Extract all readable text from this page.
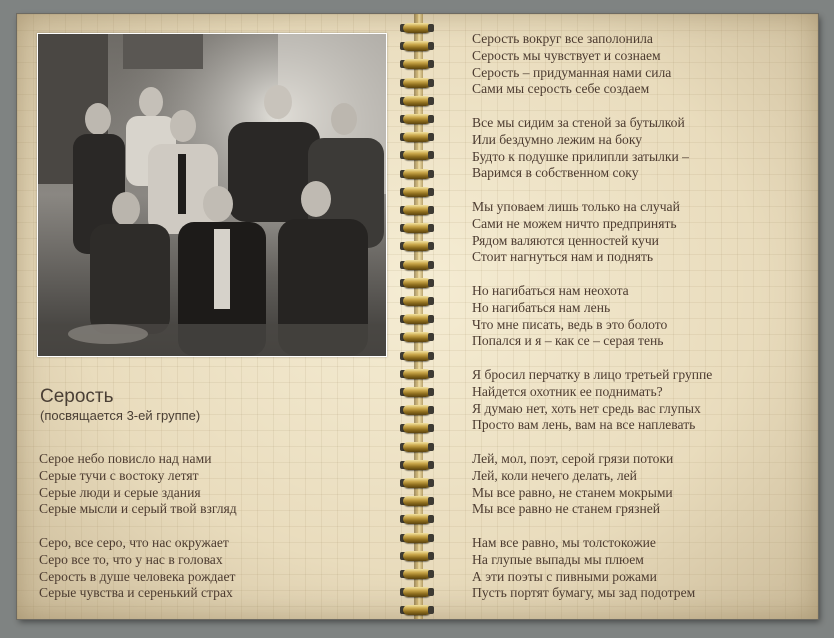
Серость
(посвящается 3-ей группе)
Серое небо повисло над нами
Серые тучи с востоку летят
Серые люди и серые здания
Серые мысли и серый твой взгляд
Серо, все серо, что нас окружает
Серо все то, что у нас в головах
Серость в душе человека рождает
Серые чувства и серенький страх
Серость вокруг все заполонила
Серость мы чувствует и сознаем
Серость – придуманная нами сила
Сами мы серость себе создаем
Все мы сидим за стеной за бутылкой
Или бездумно лежим на боку
Будто к подушке прилипли затылки –
Варимся в собственном соку
Мы уповаем лишь только на случай
Сами не можем ничто предпринять
Рядом валяются ценностей кучи
Стоит нагнуться нам и поднять
Но нагибаться нам неохота
Но нагибаться нам лень
Что мне писать, ведь в это болото
Попался и я – как се – серая тень
Я бросил перчатку в лицо третьей группе
Найдется охотник ее поднимать?
Я думаю нет, хоть нет средь вас глупых
Просто вам лень, вам на все наплевать
Лей, мол, поэт, серой грязи потоки
Лей, коли нечего делать, лей
Мы все равно, не станем мокрыми
Мы все равно не станем грязней
Нам все равно, мы толстокожие
На глупые выпады мы плюем
А эти поэты с пивными рожами
Пусть портят бумагу, мы зад подотрем
